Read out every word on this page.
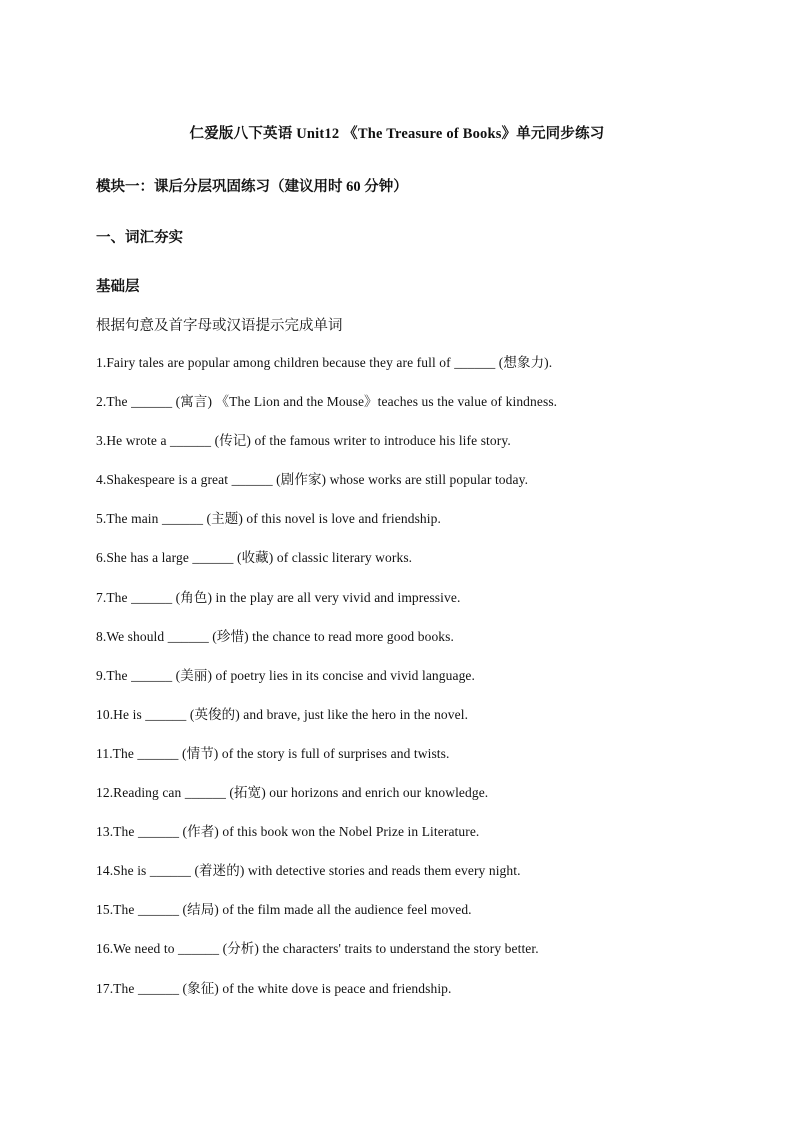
仁爱版八下英语 Unit12 《The Treasure of Books》单元同步练习
模块一：课后分层巩固练习（建议用时 60 分钟）
一、词汇夯实
基础层
根据句意及首字母或汉语提示完成单词
1.Fairy tales are popular among children because they are full of ______ (想象力).
2.The ______ (寓言) 《The Lion and the Mouse》teaches us the value of kindness.
3.He wrote a ______ (传记) of the famous writer to introduce his life story.
4.Shakespeare is a great ______ (剧作家) whose works are still popular today.
5.The main ______ (主题) of this novel is love and friendship.
6.She has a large ______ (收藏) of classic literary works.
7.The ______ (角色) in the play are all very vivid and impressive.
8.We should ______ (珍惜) the chance to read more good books.
9.The ______ (美丽) of poetry lies in its concise and vivid language.
10.He is ______ (英俊的) and brave, just like the hero in the novel.
11.The ______ (情节) of the story is full of surprises and twists.
12.Reading can ______ (拓宽) our horizons and enrich our knowledge.
13.The ______ (作者) of this book won the Nobel Prize in Literature.
14.She is ______ (着迷的) with detective stories and reads them every night.
15.The ______ (结局) of the film made all the audience feel moved.
16.We need to ______ (分析) the characters' traits to understand the story better.
17.The ______ (象征) of the white dove is peace and friendship.
